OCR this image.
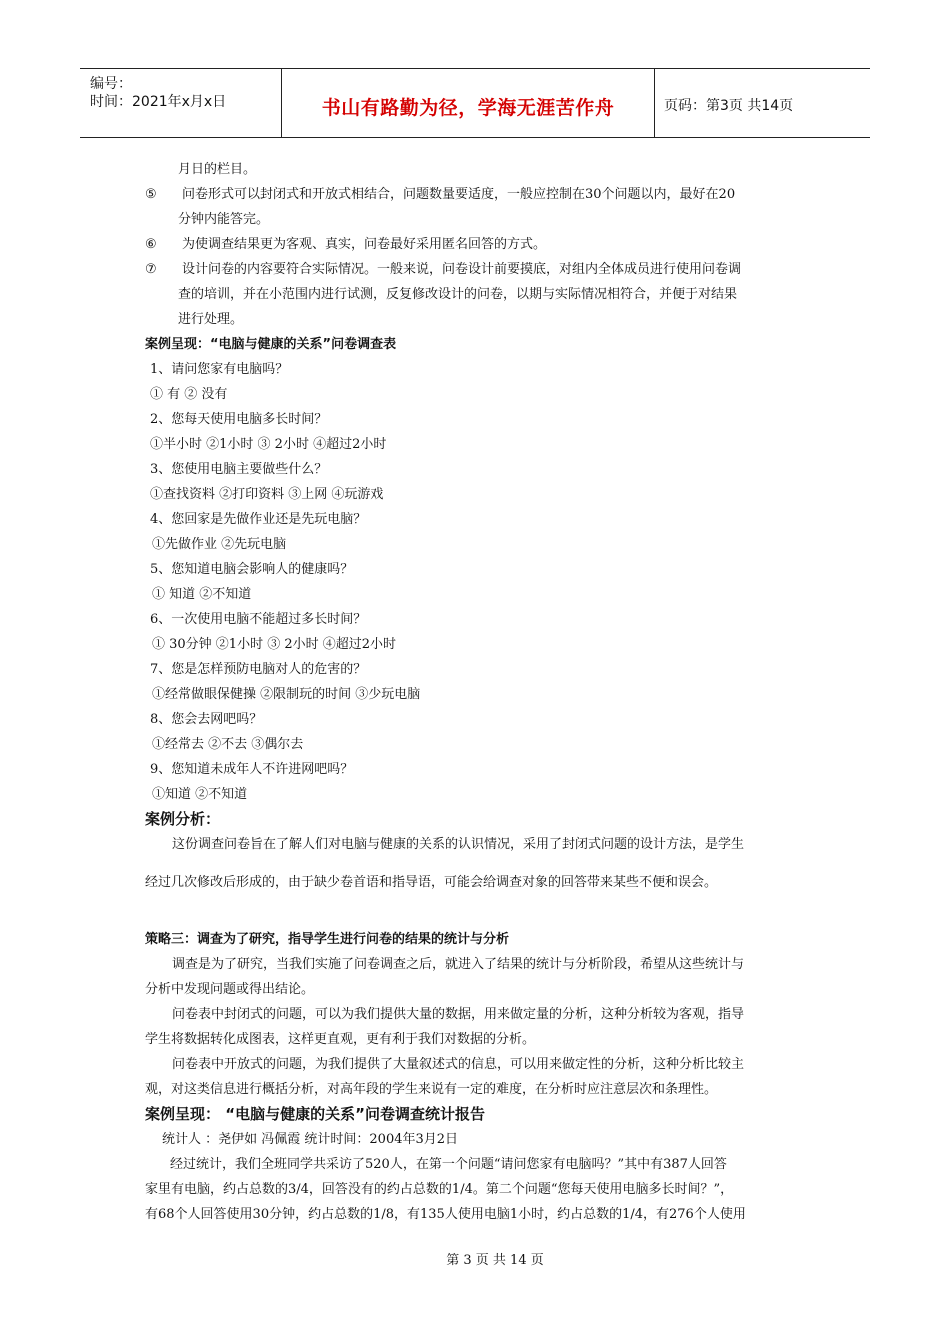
编号：
时间：2021年x月x日	书山有路勤为径，学海无涯苦作舟	页码：第3页 共14页
月日的栏目。
⑤ 问卷形式可以封闭式和开放式相结合，问题数量要适度，一般应控制在30个问题以内，最好在20
分钟内能答完。
⑥ 为使调查结果更为客观、真实，问卷最好采用匿名回答的方式。
⑦ 设计问卷的内容要符合实际情况。一般来说，问卷设计前要摸底，对组内全体成员进行使用问卷调
查的培训，并在小范围内进行试测，反复修改设计的问卷，以期与实际情况相符合，并便于对结果
进行处理。
案例呈现：“电脑与健康的关系”问卷调查表
1、请问您家有电脑吗？
① 有 ② 没有
2、您每天使用电脑多长时间？
①半小时 ②1小时 ③ 2小时 ④超过2小时
3、您使用电脑主要做些什么？
①查找资料 ②打印资料 ③上网 ④玩游戏
4、您回家是先做作业还是先玩电脑？
①先做作业 ②先玩电脑
5、您知道电脑会影响人的健康吗？
① 知道 ②不知道
6、一次使用电脑不能超过多长时间？
① 30分钟 ②1小时 ③ 2小时 ④超过2小时
7、您是怎样预防电脑对人的危害的？
①经常做眼保健操 ②限制玩的时间 ③少玩电脑
8、您会去网吧吗？
①经常去 ②不去 ③偶尔去
9、您知道未成年人不许进网吧吗？
①知道 ②不知道
案例分析：
这份调查问卷旨在了解人们对电脑与健康的关系的认识情况，采用了封闭式问题的设计方法，是学生
经过几次修改后形成的，由于缺少卷首语和指导语，可能会给调查对象的回答带来某些不便和误会。
策略三：调查为了研究，指导学生进行问卷的结果的统计与分析
调查是为了研究，当我们实施了问卷调查之后，就进入了结果的统计与分析阶段，希望从这些统计与
分析中发现问题或得出结论。
问卷表中封闭式的问题，可以为我们提供大量的数据，用来做定量的分析，这种分析较为客观，指导
学生将数据转化成图表，这样更直观，更有利于我们对数据的分析。
问卷表中开放式的问题，为我们提供了大量叙述式的信息，可以用来做定性的分析，这种分析比较主
观，对这类信息进行概括分析，对高年段的学生来说有一定的难度，在分析时应注意层次和条理性。
案例呈现： “电脑与健康的关系”问卷调查统计报告
统计人 ：尧伊如 冯佩霞 统计时间：2004年3月2日
经过统计，我们全班同学共采访了520人，在第一个问题“请问您家有电脑吗？”其中有387人回答
家里有电脑，约占总数的3/4，回答没有的约占总数的1/4。第二个问题“您每天使用电脑多长时间？”，
有68个人回答使用30分钟，约占总数的1/8，有135人使用电脑1小时，约占总数的1/4，有276个人使用
第 3 页 共 14 页
